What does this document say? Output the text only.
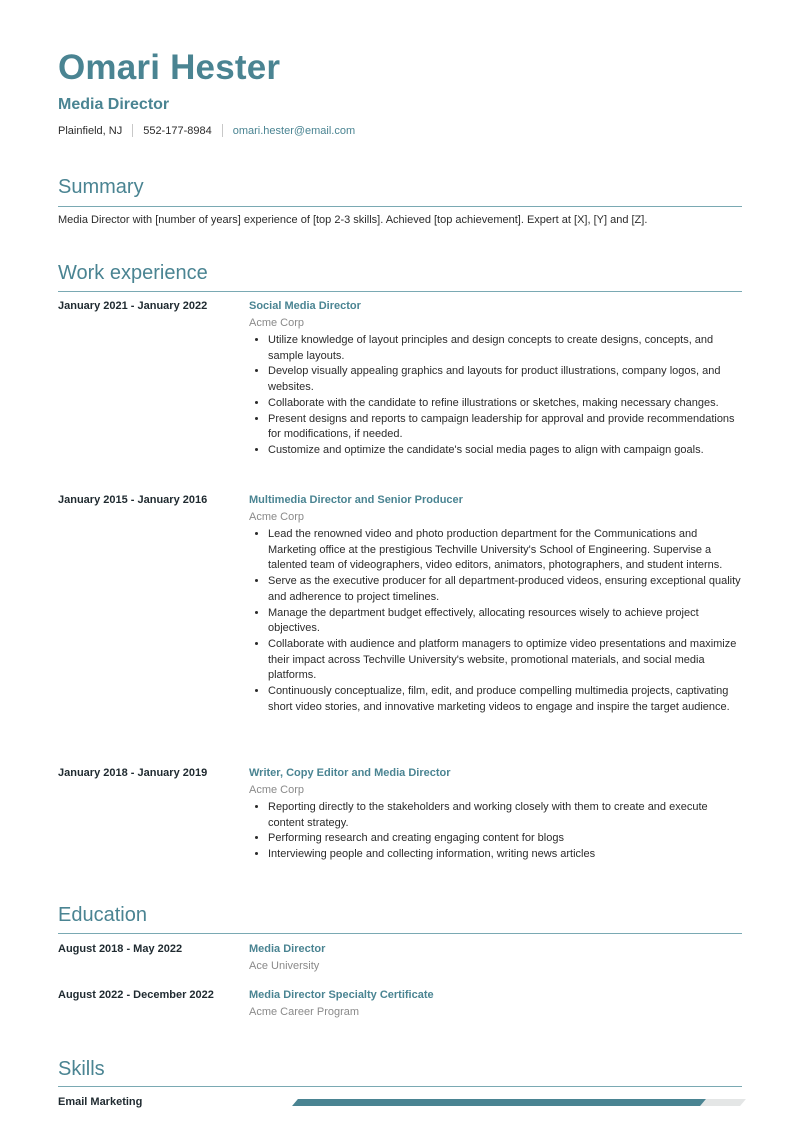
Omari Hester
Media Director
Plainfield, NJ 552-177-8984 omari.hester@email.com
Summary
Media Director with [number of years] experience of [top 2-3 skills]. Achieved [top achievement]. Expert at [X], [Y] and [Z].
Work experience
January 2021 - January 2022	Social Media Director

Acme Corp

• Utilize knowledge of layout principles and design concepts to create designs, concepts, and sample layouts.
• Develop visually appealing graphics and layouts for product illustrations, company logos, and websites.
• Collaborate with the candidate to refine illustrations or sketches, making necessary changes.
• Present designs and reports to campaign leadership for approval and provide recommendations for modifications, if needed.
• Customize and optimize the candidate's social media pages to align with campaign goals.
January 2015 - January 2016	Multimedia Director and Senior Producer

Acme Corp

• Lead the renowned video and photo production department for the Communications and Marketing office at the prestigious Techville University's School of Engineering. Supervise a talented team of videographers, video editors, animators, photographers, and student interns.
• Serve as the executive producer for all department-produced videos, ensuring exceptional quality and adherence to project timelines.
• Manage the department budget effectively, allocating resources wisely to achieve project objectives.
• Collaborate with audience and platform managers to optimize video presentations and maximize their impact across Techville University's website, promotional materials, and social media platforms.
• Continuously conceptualize, film, edit, and produce compelling multimedia projects, captivating short video stories, and innovative marketing videos to engage and inspire the target audience.
January 2018 - January 2019	Writer, Copy Editor and Media Director

Acme Corp

• Reporting directly to the stakeholders and working closely with them to create and execute content strategy.
• Performing research and creating engaging content for blogs
• Interviewing people and collecting information, writing news articles
Education
August 2018 - May 2022	Media Director

Ace University

August 2022 - December 2022	Media Director Specialty Certificate

Acme Career Program

Skills
Email Marketing
